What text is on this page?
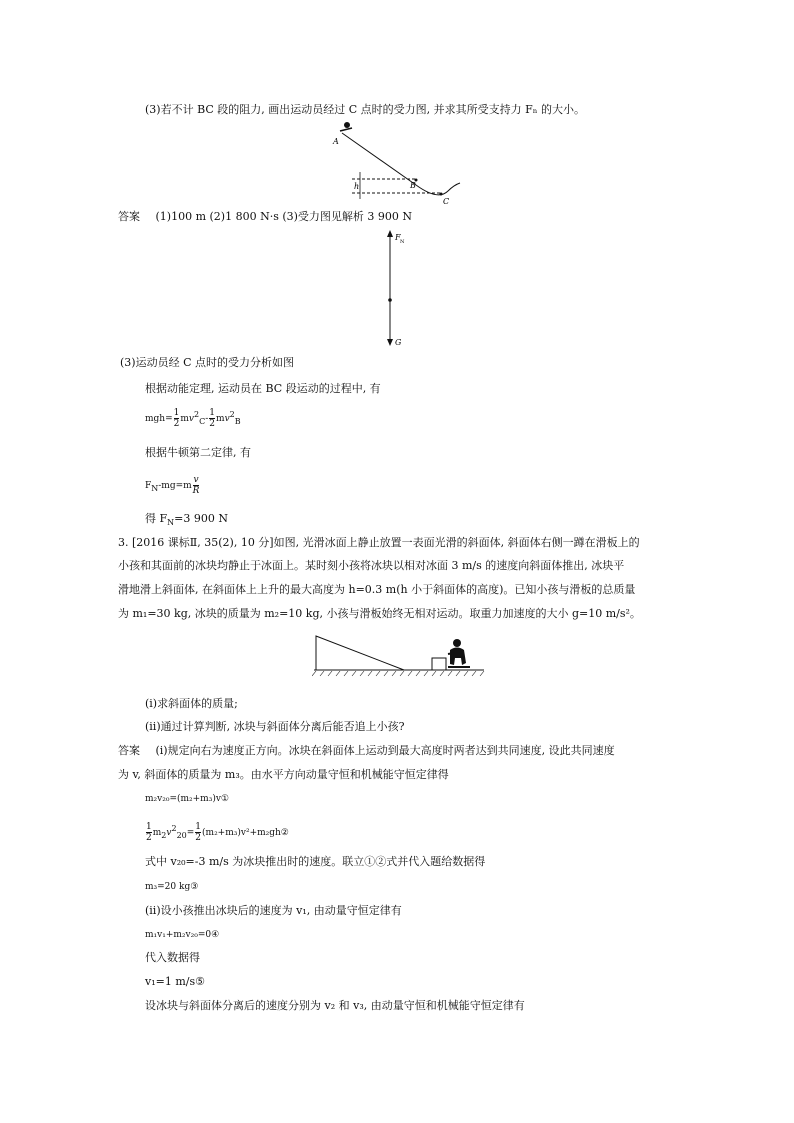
(3)若不计 BC 段的阻力, 画出运动员经过 C 点时的受力图, 并求其所受支持力 Fₙ 的大小。
A
B
C
h
答案 (1)100 m (2)1 800 N·s (3)受力图见解析 3 900 N
F N
G
(3)运动员经 C 点时的受力分析如图
根据动能定理, 运动员在 BC 段运动的过程中, 有
$mgh= \frac{1}{2} mv^2_C- \frac{1}{2} mv^2_B$
根据牛顿第二定律, 有
$F_N-mg=m \frac{v}{R}$
得 $F_N=3$ 900 N
3. [2016 课标Ⅱ, 35(2), 10 分]如图, 光滑冰面上静止放置一表面光滑的斜面体, 斜面体右侧一蹲在滑板上的
小孩和其面前的冰块均静止于冰面上。某时刻小孩将冰块以相对冰面 3 m/s 的速度向斜面体推出, 冰块平
滑地滑上斜面体, 在斜面体上上升的最大高度为 h=0.3 m(h 小于斜面体的高度)。已知小孩与滑板的总质量
为 m₁=30 kg, 冰块的质量为 m₂=10 kg, 小孩与滑板始终无相对运动。取重力加速度的大小 g=10 m/s²。
(ⅰ)求斜面体的质量;
(ⅱ)通过计算判断, 冰块与斜面体分离后能否追上小孩?
答案 (ⅰ)规定向右为速度正方向。冰块在斜面体上运动到最大高度时两者达到共同速度, 设此共同速度
为 v, 斜面体的质量为 m₃。由水平方向动量守恒和机械能守恒定律得
m₂v₂₀=(m₂+m₃)v①
$\frac{1}{2} m_2v^2_{20}= \frac{1}{2}$ (m₂+m₃)v²+m₂gh②
式中 v₂₀=-3 m/s 为冰块推出时的速度。联立①②式并代入题给数据得
m₃=20 kg③
(ⅱ)设小孩推出冰块后的速度为 v₁, 由动量守恒定律有
m₁v₁+m₂v₂₀=0④
代入数据得
v₁=1 m/s⑤
设冰块与斜面体分离后的速度分别为 v₂ 和 v₃, 由动量守恒和机械能守恒定律有
